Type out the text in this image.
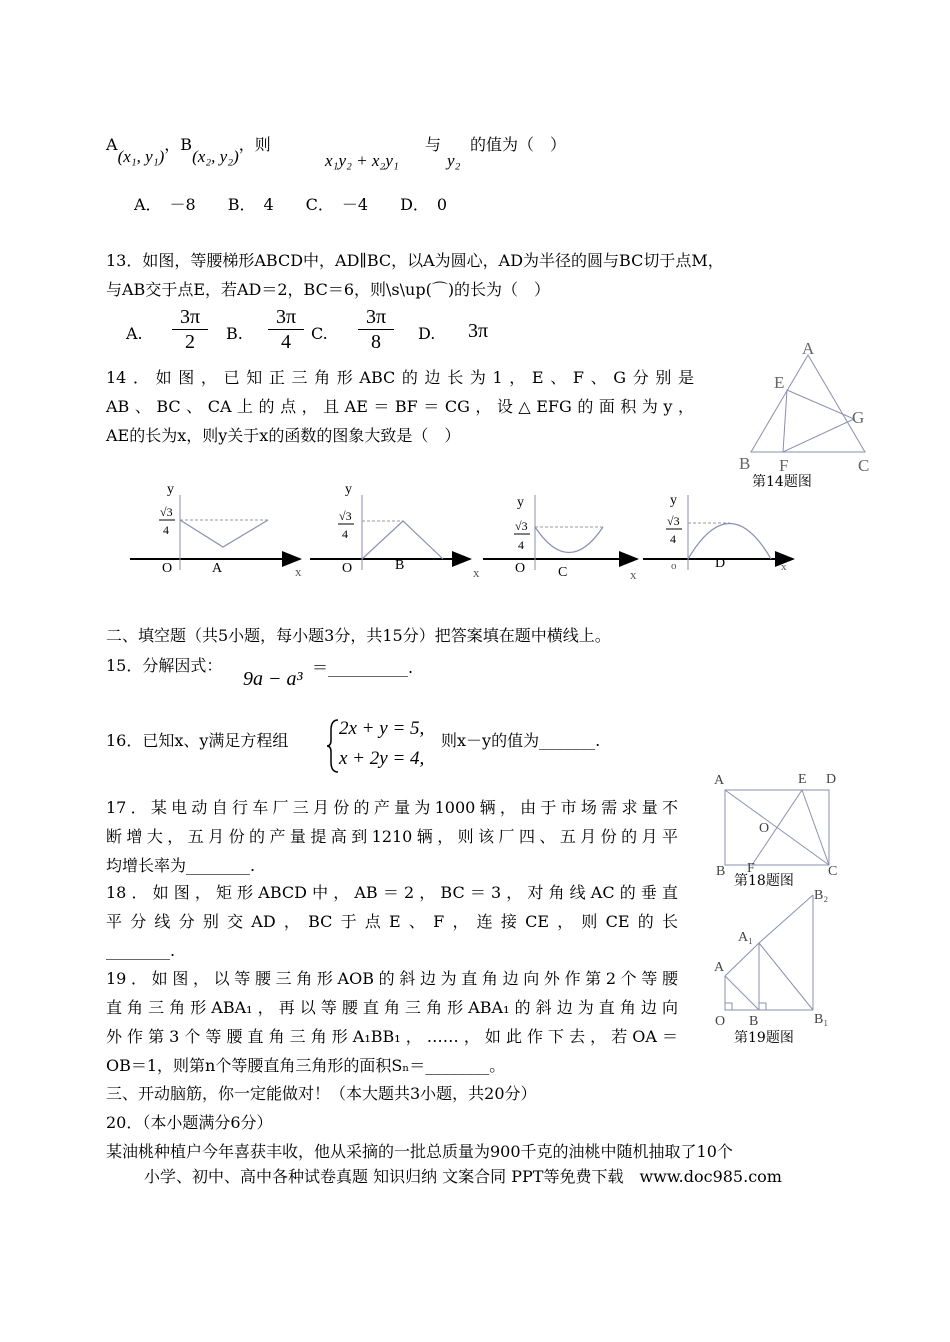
A(x₁, y₁)，B(x₂, y₂)，则
x₁y₂ + x₂y₁
与
y₂
的值为（　）
A．　－8　　B．　4　　C．　－4　　D．　0
13．如图，等腰梯形ABCD中，AD∥BC，以A为圆心，AD为半径的圆与BC切于点M，
与AB交于点E，若AD＝2，BC＝6，则\s\up(⌒)的长为（　）
A. $\frac{3\pi}{2} B$. $\frac{3\pi}{4} C$. $\frac{3\pi}{8} D$. 3π
14．如图，已知正三角形ABC的边长为1，E、F、G分别是
AB、BC、CA上的点，且AE＝BF＝CG，设△EFG的面积为y，
AE的长为x，则y关于x的函数的图象大致是（　）
A
E
G
B F	C
第14题图
y
√3
4
O	A	x
y
√3
4
O	B	x
y
√3
4
O C	x
y
√3
4
o	D	x
二、填空题（共5小题，每小题3分，共15分）把答案填在题中横线上。
15．分解因式：
9a − a³
＝__________.
16．已知x、y满足方程组
2x + y = 5,
x + 2y = 4,
则x－y的值为_______.
17．某电动自行车厂三月份的产量为1000辆，由于市场需求量不
断增大，五月份的产量提高到1210辆，则该厂四、五月份的月平
均增长率为________.
18．如图，矩形ABCD中，AB＝2，BC＝3，对角线AC的垂直
平分线分别交AD，BC于点E、F，连接CE，则CE的长
________.
A	E D
O
B F	C
第18题图
19．如图，以等腰三角形AOB的斜边为直角边向外作第2个等腰
直角三角形ABA₁，再以等腰直角三角形ABA₁的斜边为直角边向
外作第3个等腰直角三角形A₁BB₁，……，如此作下去，若OA＝
OB＝1，则第n个等腰直角三角形的面积Sₙ＝________。
A
A₁
B₂
O B	B₁
第19题图
三、开动脑筋，你一定能做对！（本大题共3小题，共20分）
20．（本小题满分6分）
某油桃种植户今年喜获丰收，他从采摘的一批总质量为900千克的油桃中随机抽取了10个
小学、初中、高中各种试卷真题 知识归纳 文案合同 PPT等免费下载　www.doc985.com
